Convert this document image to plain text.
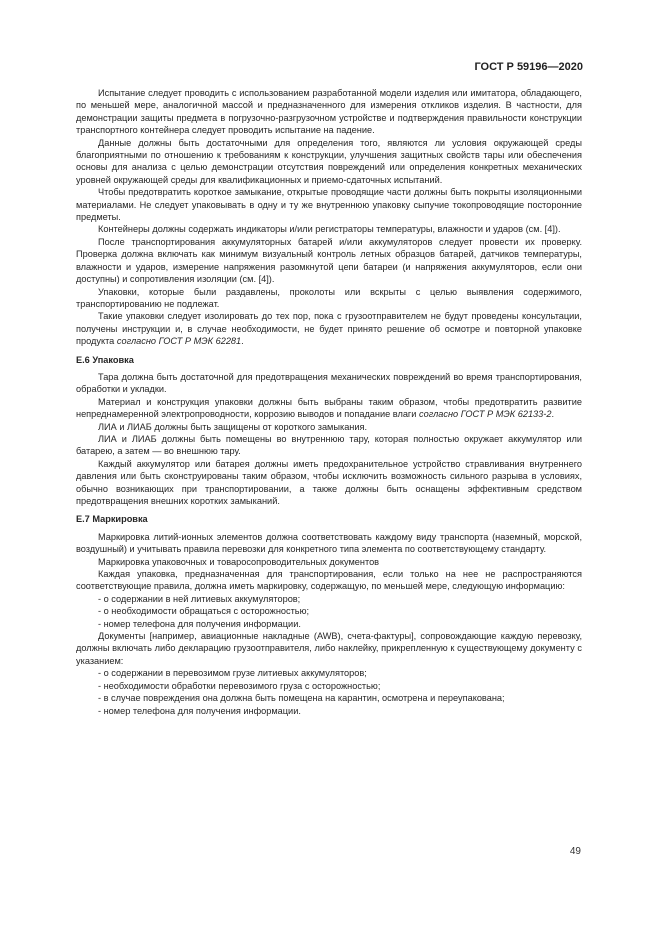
ГОСТ Р 59196—2020

Испытание следует проводить с использованием разработанной модели изделия или имитатора, обладающего, по меньшей мере, аналогичной массой и предназначенного для измерения откликов изделия. В частности, для демонстрации защиты предмета в погрузочно-разгрузочном устройстве и подтверждения правильности конструкции транспортного контейнера следует проводить испытание на падение.

Данные должны быть достаточными для определения того, являются ли условия окружающей среды благоприятными по отношению к требованиям к конструкции, улучшения защитных свойств тары или обеспечения основы для анализа с целью демонстрации отсутствия повреждений или определения конкретных механических уровней окружающей среды для квалификационных и приемо-сдаточных испытаний.

Чтобы предотвратить короткое замыкание, открытые проводящие части должны быть покрыты изоляционными материалами. Не следует упаковывать в одну и ту же внутреннюю упаковку сыпучие токопроводящие посторонние предметы.

Контейнеры должны содержать индикаторы и/или регистраторы температуры, влажности и ударов (см. [4]).

После транспортирования аккумуляторных батарей и/или аккумуляторов следует провести их проверку. Проверка должна включать как минимум визуальный контроль летных образцов батарей, датчиков температуры, влажности и ударов, измерение напряжения разомкнутой цепи батареи (и напряжения аккумуляторов, если они доступны) и сопротивления изоляции (см. [4]).

Упаковки, которые были раздавлены, проколоты или вскрыты с целью выявления содержимого, транспортированию не подлежат.

Такие упаковки следует изолировать до тех пор, пока с грузоотправителем не будут проведены консультации, получены инструкции и, в случае необходимости, не будет принято решение об осмотре и повторной упаковке продукта согласно ГОСТ Р МЭК 62281.

Е.6 Упаковка

Тара должна быть достаточной для предотвращения механических повреждений во время транспортирования, обработки и укладки.

Материал и конструкция упаковки должны быть выбраны таким образом, чтобы предотвратить развитие непреднамеренной электропроводности, коррозию выводов и попадание влаги согласно ГОСТ Р МЭК 62133-2.

ЛИА и ЛИАБ должны быть защищены от короткого замыкания.

ЛИА и ЛИАБ должны быть помещены во внутреннюю тару, которая полностью окружает аккумулятор или батарею, а затем — во внешнюю тару.

Каждый аккумулятор или батарея должны иметь предохранительное устройство стравливания внутреннего давления или быть сконструированы таким образом, чтобы исключить возможность сильного разрыва в условиях, обычно возникающих при транспортировании, а также должны быть оснащены эффективным средством предотвращения внешних коротких замыканий.

Е.7 Маркировка

Маркировка литий-ионных элементов должна соответствовать каждому виду транспорта (наземный, морской, воздушный) и учитывать правила перевозки для конкретного типа элемента по соответствующему стандарту.

Маркировка упаковочных и товаросопроводительных документов

Каждая упаковка, предназначенная для транспортирования, если только на нее не распространяются соответствующие правила, должна иметь маркировку, содержащую, по меньшей мере, следующую информацию:

- о содержании в ней литиевых аккумуляторов;

- о необходимости обращаться с осторожностью;

- номер телефона для получения информации.

Документы [например, авиационные накладные (AWB), счета-фактуры], сопровождающие каждую перевозку, должны включать либо декларацию грузоотправителя, либо наклейку, прикрепленную к существующему документу с указанием:

- о содержании в перевозимом грузе литиевых аккумуляторов;

- необходимости обработки перевозимого груза с осторожностью;

- в случае повреждения она должна быть помещена на карантин, осмотрена и переупакована;

- номер телефона для получения информации.

49
